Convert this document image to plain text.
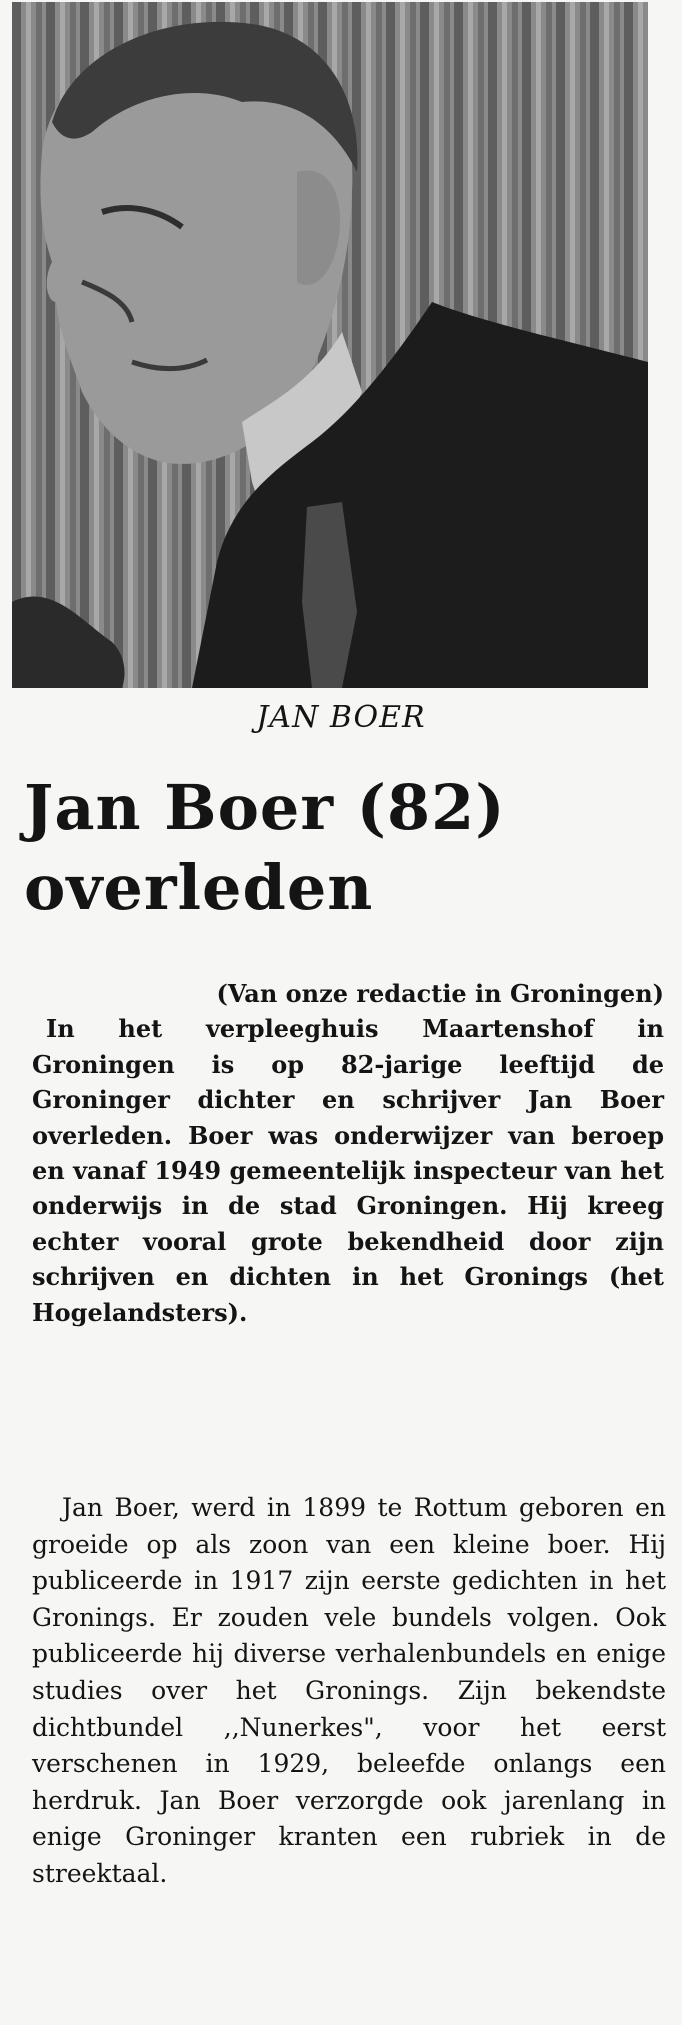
JAN BOER
Jan Boer (82)
overleden
(Van onze redactie in Groningen)
In het verpleeghuis Maartenshof in Groningen is op 82-jarige leeftijd de Groninger dichter en schrijver Jan Boer overleden. Boer was onderwijzer van beroep en vanaf 1949 gemeentelijk inspecteur van het onderwijs in de stad Groningen. Hij kreeg echter vooral grote bekendheid door zijn schrijven en dichten in het Gronings (het Hogelandsters).
Jan Boer, werd in 1899 te Rottum geboren en groeide op als zoon van een kleine boer. Hij publiceerde in 1917 zijn eerste gedichten in het Gronings. Er zouden vele bundels volgen. Ook publiceerde hij diverse verhalenbundels en enige studies over het Gronings. Zijn bekendste dichtbundel ,,Nunerkes", voor het eerst verschenen in 1929, beleefde onlangs een herdruk. Jan Boer verzorgde ook jarenlang in enige Groninger kranten een rubriek in de streektaal.
